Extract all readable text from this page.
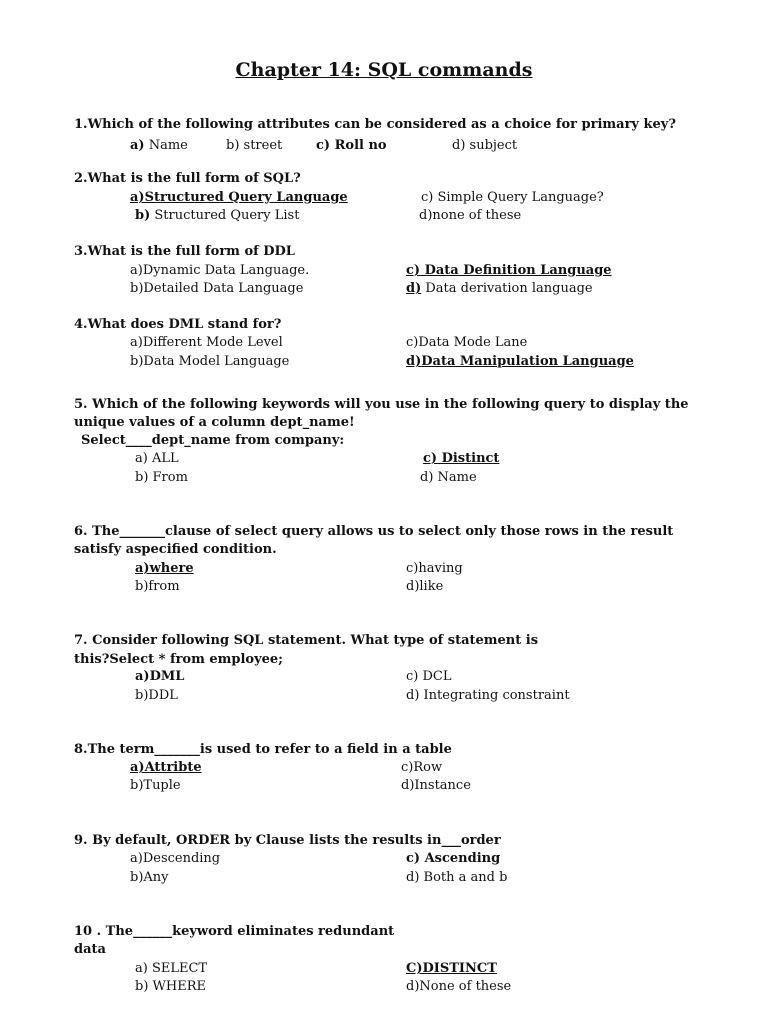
Chapter 14: SQL commands
1.Which of the following attributes can be considered as a choice for primary key?
a) Name	b) street	c) Roll no	d) subject
2.What is the full form of SQL?
a)Structured Query Language
b) Structured Query List
c) Simple Query Language?
d)none of these
3.What is the full form of DDL
a)Dynamic Data Language.
b)Detailed Data Language
c) Data Definition Language
d) Data derivation language
4.What does DML stand for?
a)Different Mode Level
b)Data Model Language
c)Data Mode Lane
d)Data Manipulation Language
5. Which of the following keywords will you use in the following query to display the
unique values of a column dept_name!
Select____dept_name from company:
a) ALL
b) From
c) Distinct
d) Name
6. The_______clause of select query allows us to select only those rows in the result
satisfy aspecified condition.
a)where
b)from
c)having
d)like
7. Consider following SQL statement. What type of statement is
this?Select * from employee;
a)DML
b)DDL
c) DCL
d) Integrating constraint
8.The term_______is used to refer to a field in a table
a)Attribte
b)Tuple
c)Row
d)Instance
9. By default, ORDER by Clause lists the results in___order
a)Descending
b)Any
c) Ascending
d) Both a and b
10 . The______keyword eliminates redundant
data
a) SELECT
b) WHERE
C)DISTINCT
d)None of these
